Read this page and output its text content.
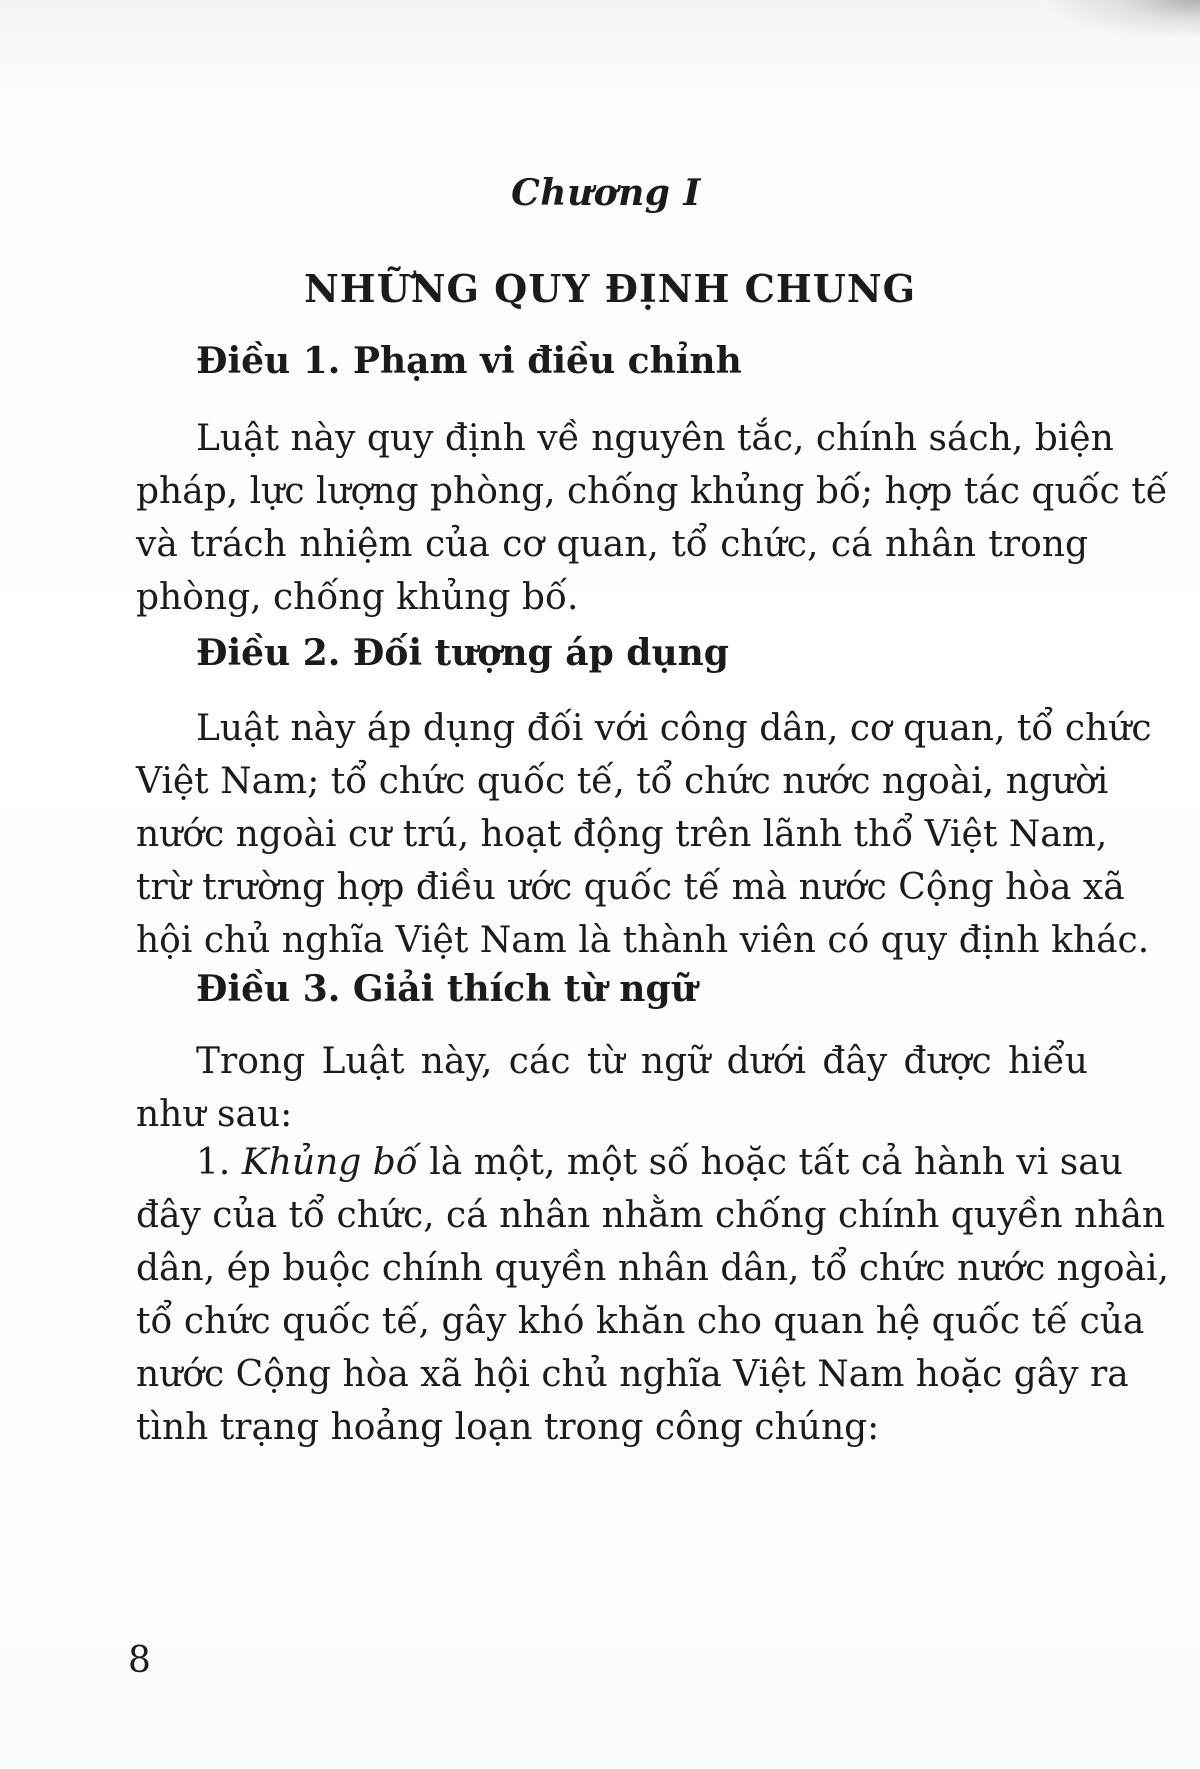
Chương I
NHỮNG QUY ĐỊNH CHUNG
Điều 1. Phạm vi điều chỉnh
Luật này quy định về nguyên tắc, chính sách, biện
pháp, lực lượng phòng, chống khủng bố; hợp tác quốc tế
và trách nhiệm của cơ quan, tổ chức, cá nhân trong
phòng, chống khủng bố.
Điều 2. Đối tượng áp dụng
Luật này áp dụng đối với công dân, cơ quan, tổ chức
Việt Nam; tổ chức quốc tế, tổ chức nước ngoài, người
nước ngoài cư trú, hoạt động trên lãnh thổ Việt Nam,
trừ trường hợp điều ước quốc tế mà nước Cộng hòa xã
hội chủ nghĩa Việt Nam là thành viên có quy định khác.
Điều 3. Giải thích từ ngữ
Trong Luật này, các từ ngữ dưới đây được hiểu
như sau:
1. Khủng bố là một, một số hoặc tất cả hành vi sau
đây của tổ chức, cá nhân nhằm chống chính quyền nhân
dân, ép buộc chính quyền nhân dân, tổ chức nước ngoài,
tổ chức quốc tế, gây khó khăn cho quan hệ quốc tế của
nước Cộng hòa xã hội chủ nghĩa Việt Nam hoặc gây ra
tình trạng hoảng loạn trong công chúng:
8
